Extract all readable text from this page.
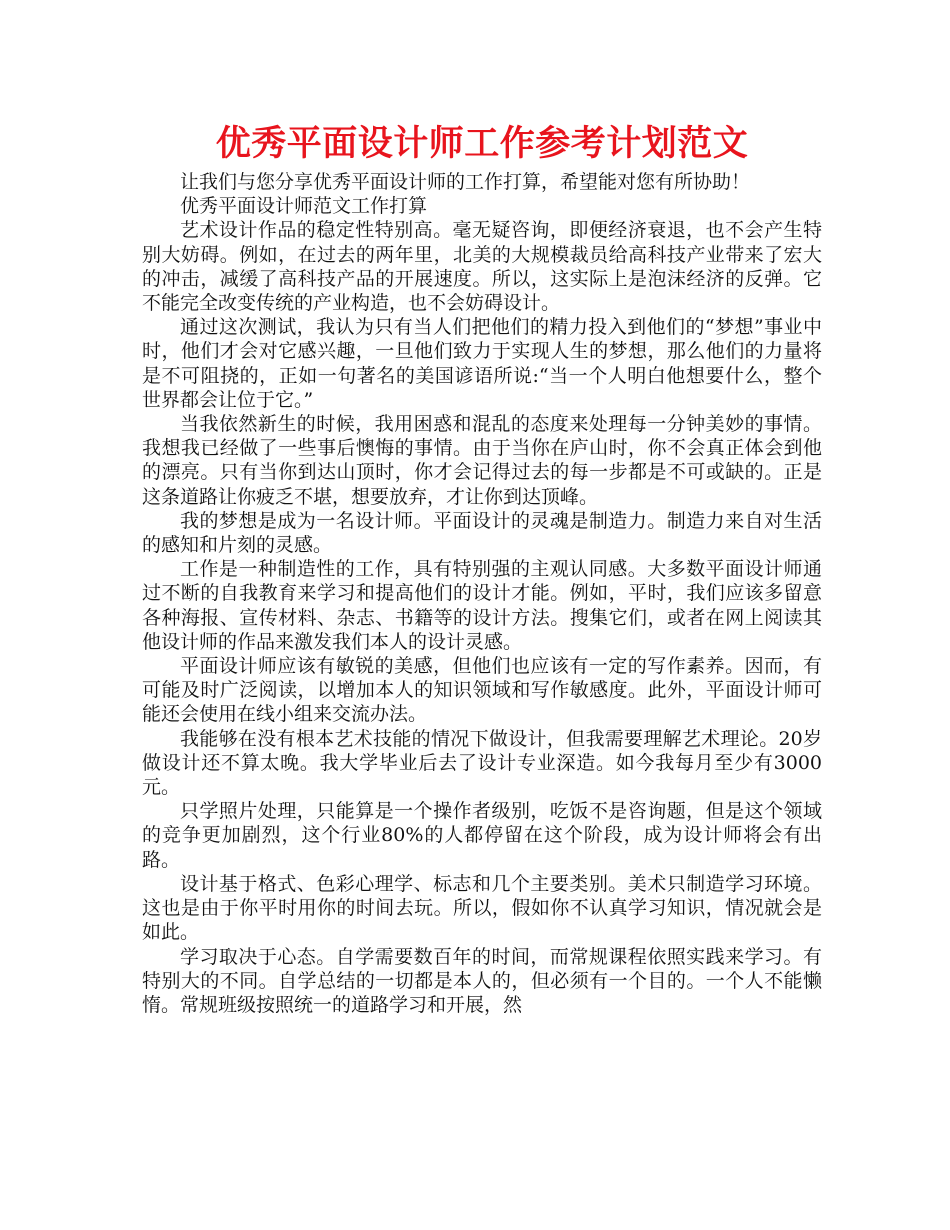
优秀平面设计师工作参考计划范文

让我们与您分享优秀平面设计师的工作打算，希望能对您有所协助！

优秀平面设计师范文工作打算

艺术设计作品的稳定性特别高。毫无疑咨询，即便经济衰退，也不会产生特别大妨碍。例如，在过去的两年里，北美的大规模裁员给高科技产业带来了宏大的冲击，减缓了高科技产品的开展速度。所以，这实际上是泡沫经济的反弹。它不能完全改变传统的产业构造，也不会妨碍设计。

通过这次测试，我认为只有当人们把他们的精力投入到他们的“梦想”事业中时，他们才会对它感兴趣，一旦他们致力于实现人生的梦想，那么他们的力量将是不可阻挠的，正如一句著名的美国谚语所说:“当一个人明白他想要什么，整个世界都会让位于它。”

当我依然新生的时候，我用困惑和混乱的态度来处理每一分钟美妙的事情。我想我已经做了一些事后懊悔的事情。由于当你在庐山时，你不会真正体会到他的漂亮。只有当你到达山顶时，你才会记得过去的每一步都是不可或缺的。正是这条道路让你疲乏不堪，想要放弃，才让你到达顶峰。

我的梦想是成为一名设计师。平面设计的灵魂是制造力。制造力来自对生活的感知和片刻的灵感。

工作是一种制造性的工作，具有特别强的主观认同感。大多数平面设计师通过不断的自我教育来学习和提高他们的设计才能。例如，平时，我们应该多留意各种海报、宣传材料、杂志、书籍等的设计方法。搜集它们，或者在网上阅读其他设计师的作品来激发我们本人的设计灵感。

平面设计师应该有敏锐的美感，但他们也应该有一定的写作素养。因而，有可能及时广泛阅读，以增加本人的知识领域和写作敏感度。此外，平面设计师可能还会使用在线小组来交流办法。

我能够在没有根本艺术技能的情况下做设计，但我需要理解艺术理论。20岁做设计还不算太晚。我大学毕业后去了设计专业深造。如今我每月至少有3000元。

只学照片处理，只能算是一个操作者级别，吃饭不是咨询题，但是这个领域的竞争更加剧烈，这个行业80%的人都停留在这个阶段，成为设计师将会有出路。

设计基于格式、色彩心理学、标志和几个主要类别。美术只制造学习环境。这也是由于你平时用你的时间去玩。所以，假如你不认真学习知识，情况就会是如此。

学习取决于心态。自学需要数百年的时间，而常规课程依照实践来学习。有特别大的不同。自学总结的一切都是本人的，但必须有一个目的。一个人不能懒惰。常规班级按照统一的道路学习和开展，然
